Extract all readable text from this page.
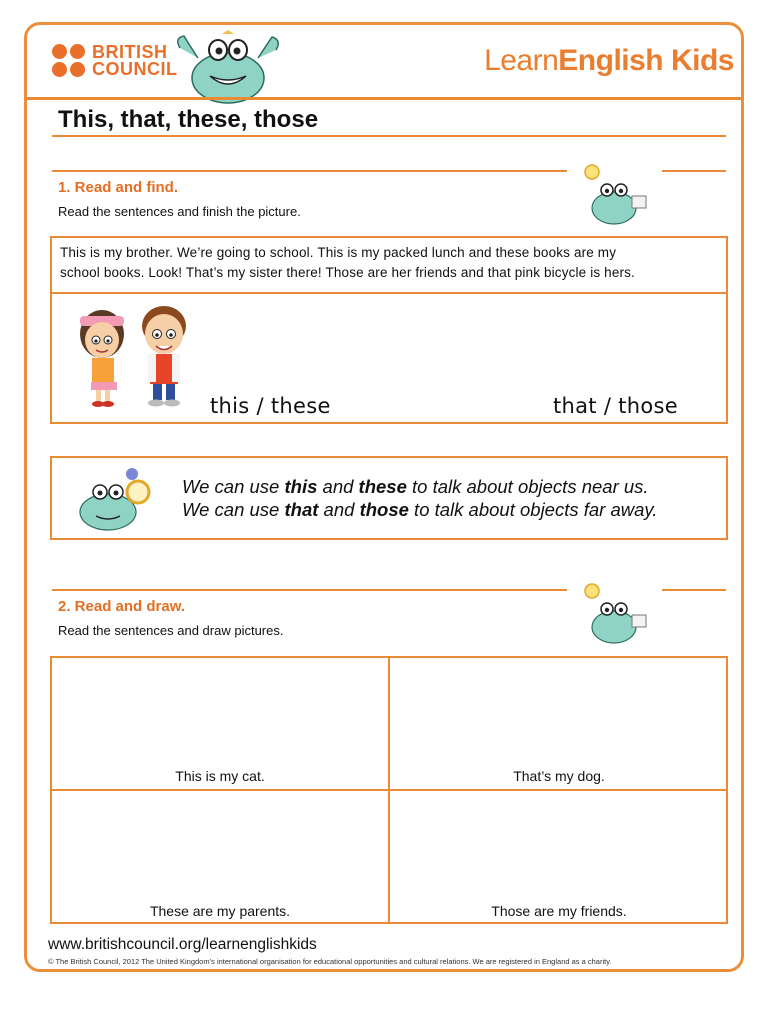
BRITISH
COUNCIL	LearnEnglish Kids
This, that, these, those
1. Read and find.
Read the sentences and finish the picture.
This is my brother. We’re going to school. This is my packed lunch and these books are my
school books. Look! That’s my sister there! Those are her friends and that pink bicycle is hers.
this / these	that / those
We can use this and these to talk about objects near us.
We can use that and those to talk about objects far away.
2. Read and draw.
Read the sentences and draw pictures.
This is my cat.	That’s my dog.
These are my parents.	Those are my friends.
www.britishcouncil.org/learnenglishkids
© The British Council, 2012 The United Kingdom’s international organisation for educational opportunities and cultural relations. We are registered in England as a charity.
